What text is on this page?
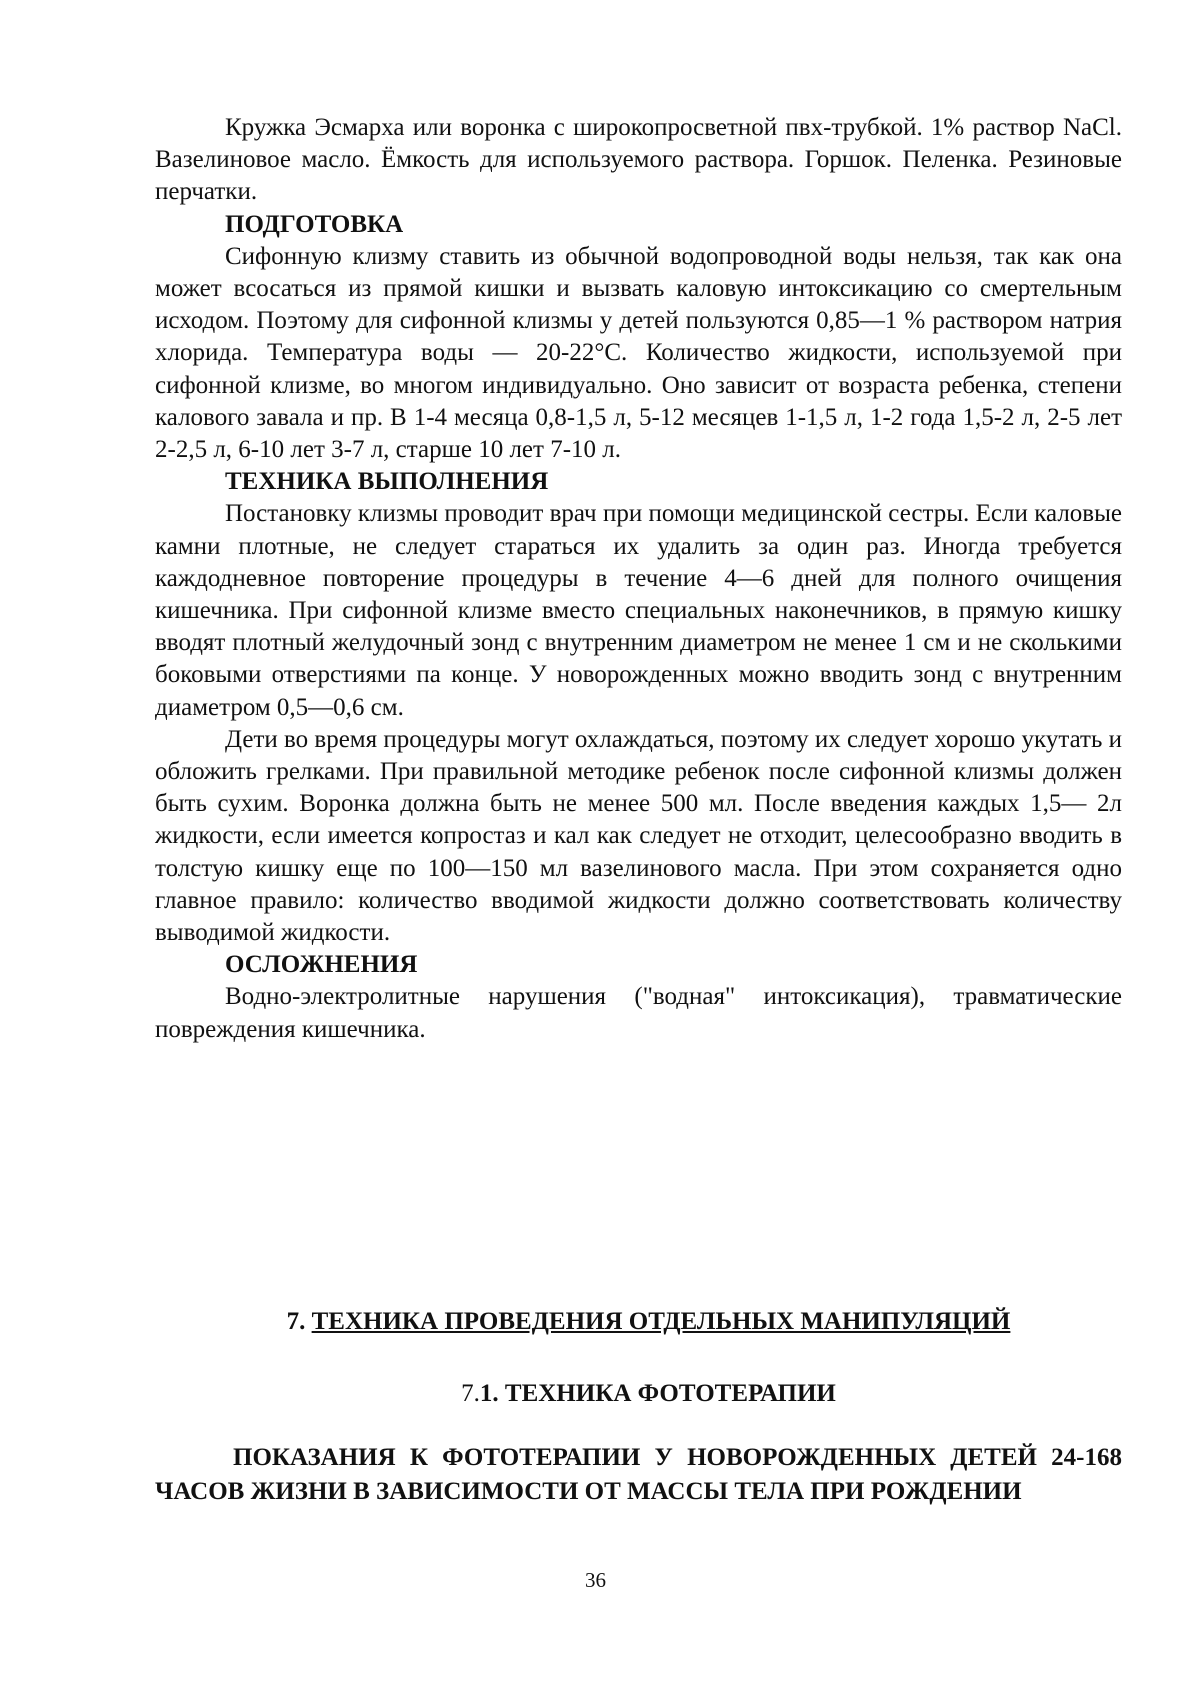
Кружка Эсмарха или воронка с широкопросветной пвх-трубкой. 1% раствор NaCl. Вазелиновое масло. Ёмкость для используемого раствора. Горшок. Пеленка. Резиновые перчатки.

ПОДГОТОВКА

Сифонную клизму ставить из обычной водопроводной воды нельзя, так как она может всосаться из прямой кишки и вызвать каловую интоксикацию со смертельным исходом. Поэтому для сифонной клизмы у детей пользуются 0,85—1 % раствором натрия хлорида. Температура воды — 20-22°С. Количество жидкости, используемой при сифонной клизме, во многом индивидуально. Оно зависит от возраста ребенка, степени калового завала и пр. В 1-4 месяца 0,8-1,5 л, 5-12 месяцев 1-1,5 л, 1-2 года 1,5-2 л, 2-5 лет 2-2,5 л, 6-10 лет 3-7 л, старше 10 лет 7-10 л.

ТЕХНИКА ВЫПОЛНЕНИЯ

Постановку клизмы проводит врач при помощи медицинской сестры. Если каловые камни плотные, не следует стараться их удалить за один раз. Иногда требуется каждодневное повторение процедуры в течение 4—6 дней для полного очищения кишечника. При сифонной клизме вместо специальных наконечников, в прямую кишку вводят плотный желудочный зонд с внутренним диаметром не менее 1 см и не сколькими боковыми отверстиями па конце. У новорожденных можно вводить зонд с внутренним диаметром 0,5—0,6 см.

Дети во время процедуры могут охлаждаться, поэтому их следует хорошо укутать и обложить грелками. При правильной методике ребенок после сифонной клизмы должен быть сухим. Воронка должна быть не менее 500 мл. После введения каждых 1,5— 2л жидкости, если имеется копростаз и кал как следует не отходит, целесообразно вводить в толстую кишку еще по 100—150 мл вазелинового масла. При этом сохраняется одно главное правило: количество вводимой жидкости должно соответствовать количеству выводимой жидкости.

ОСЛОЖНЕНИЯ

Водно-электролитные нарушения ("водная" интоксикация), травматические повреждения кишечника.

7. ТЕХНИКА ПРОВЕДЕНИЯ ОТДЕЛЬНЫХ МАНИПУЛЯЦИЙ
7.1. ТЕХНИКА ФОТОТЕРАПИИ
ПОКАЗАНИЯ К ФОТОТЕРАПИИ У НОВОРОЖДЕННЫХ ДЕТЕЙ 24-168 ЧАСОВ ЖИЗНИ В ЗАВИСИМОСТИ ОТ МАССЫ ТЕЛА ПРИ РОЖДЕНИИ
36
